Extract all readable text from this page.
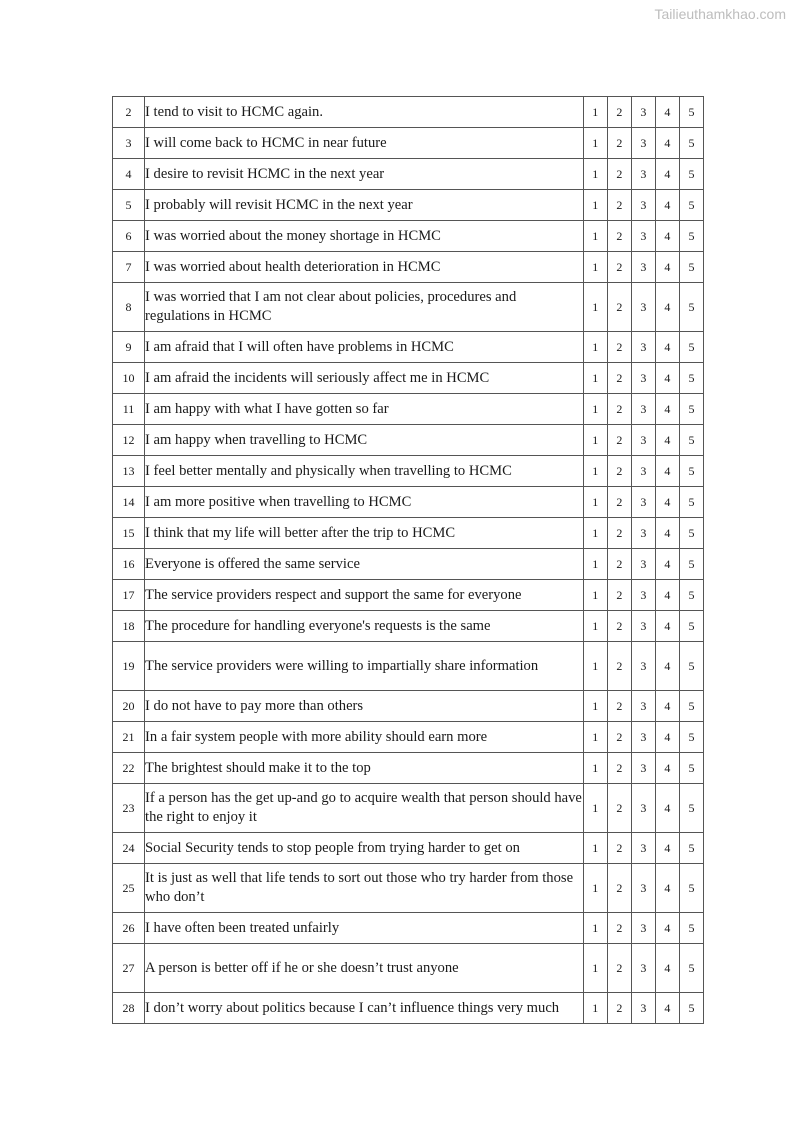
Tailieuthamkhao.com
2	I tend to visit to HCMC again.	1	2	3	4	5
3	I will come back to HCMC in near future	1	2	3	4	5
4	I desire to revisit HCMC in the next year	1	2	3	4	5
5	I probably will revisit HCMC in the next year	1	2	3	4	5
6	I was worried about the money shortage in HCMC	1	2	3	4	5
7	I was worried about health deterioration in HCMC	1	2	3	4	5
8	I was worried that I am not clear about policies, procedures and regulations in HCMC	1	2	3	4	5
9	I am afraid that I will often have problems in HCMC	1	2	3	4	5
10	I am afraid the incidents will seriously affect me in HCMC	1	2	3	4	5
11	I am happy with what I have gotten so far	1	2	3	4	5
12	I am happy when travelling to HCMC	1	2	3	4	5
13	I feel better mentally and physically when travelling to HCMC	1	2	3	4	5
14	I am more positive when travelling to HCMC	1	2	3	4	5
15	I think that my life will better after the trip to HCMC	1	2	3	4	5
16	Everyone is offered the same service	1	2	3	4	5
17	The service providers respect and support the same for everyone	1	2	3	4	5
18	The procedure for handling everyone's requests is the same	1	2	3	4	5
19	The service providers were willing to impartially share information	1	2	3	4	5
20	I do not have to pay more than others	1	2	3	4	5
21	In a fair system people with more ability should earn more	1	2	3	4	5
22	The brightest should make it to the top	1	2	3	4	5
23	If a person has the get up-and go to acquire wealth that person should have the right to enjoy it	1	2	3	4	5
24	Social Security tends to stop people from trying harder to get on	1	2	3	4	5
25	It is just as well that life tends to sort out those who try harder from those who don’t	1	2	3	4	5
26	I have often been treated unfairly	1	2	3	4	5
27	A person is better off if he or she doesn’t trust anyone	1	2	3	4	5
28	I don’t worry about politics because I can’t influence things very much	1	2	3	4	5
